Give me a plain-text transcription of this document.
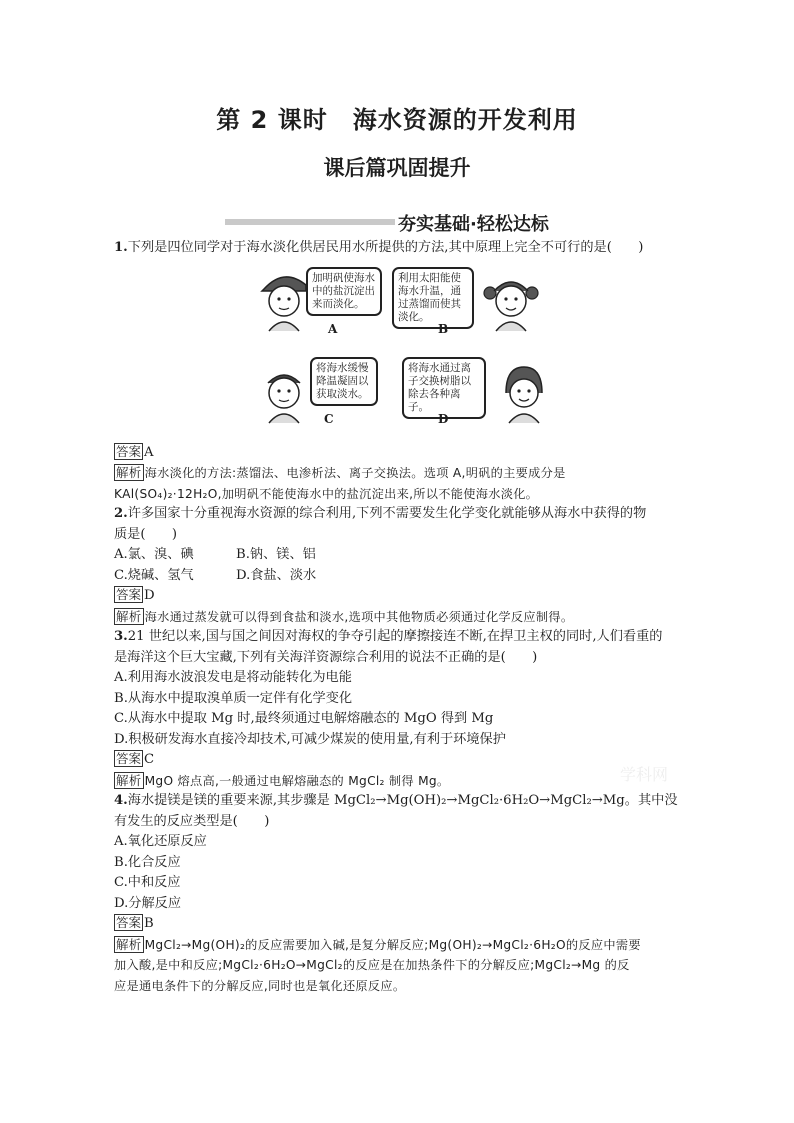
第 2 课时　海水资源的开发利用
课后篇巩固提升
夯实基础·轻松达标
学科网

1.下列是四位同学对于海水淡化供居民用水所提供的方法,其中原理上完全不可行的是(　　)

加明矾使海水中的盐沉淀出来而淡化。
A
利用太阳能使海水升温，通过蒸馏而使其淡化。
B
将海水缓慢降温凝固以获取淡水。
C
将海水通过离子交换树脂以除去各种离子。
D

答案 A

解析 海水淡化的方法:蒸馏法、电渗析法、离子交换法。选项 A,明矾的主要成分是

KAl(SO₄)₂·12H₂O,加明矾不能使海水中的盐沉淀出来,所以不能使海水淡化。

2.许多国家十分重视海水资源的综合利用,下列不需要发生化学变化就能够从海水中获得的物

质是(　　)

A.氯、溴、碘	B.钠、镁、铝
C.烧碱、氢气	D.食盐、淡水

答案 D

解析 海水通过蒸发就可以得到食盐和淡水,选项中其他物质必须通过化学反应制得。

3.21 世纪以来,国与国之间因对海权的争夺引起的摩擦接连不断,在捍卫主权的同时,人们看重的

是海洋这个巨大宝藏,下列有关海洋资源综合利用的说法不正确的是(　　)

A.利用海水波浪发电是将动能转化为电能

B.从海水中提取溴单质一定伴有化学变化

C.从海水中提取 Mg 时,最终须通过电解熔融态的 MgO 得到 Mg

D.积极研发海水直接冷却技术,可减少煤炭的使用量,有利于环境保护

答案 C

解析 MgO 熔点高,一般通过电解熔融态的 MgCl₂ 制得 Mg。

4.海水提镁是镁的重要来源,其步骤是 MgCl₂→Mg(OH)₂→MgCl₂·6H₂O→MgCl₂→Mg。其中没

有发生的反应类型是(　　)

A.氧化还原反应

B.化合反应

C.中和反应

D.分解反应

答案 B

解析 MgCl₂→Mg(OH)₂的反应需要加入碱,是复分解反应;Mg(OH)₂→MgCl₂·6H₂O的反应中需要

加入酸,是中和反应;MgCl₂·6H₂O→MgCl₂的反应是在加热条件下的分解反应;MgCl₂→Mg 的反

应是通电条件下的分解反应,同时也是氧化还原反应。
